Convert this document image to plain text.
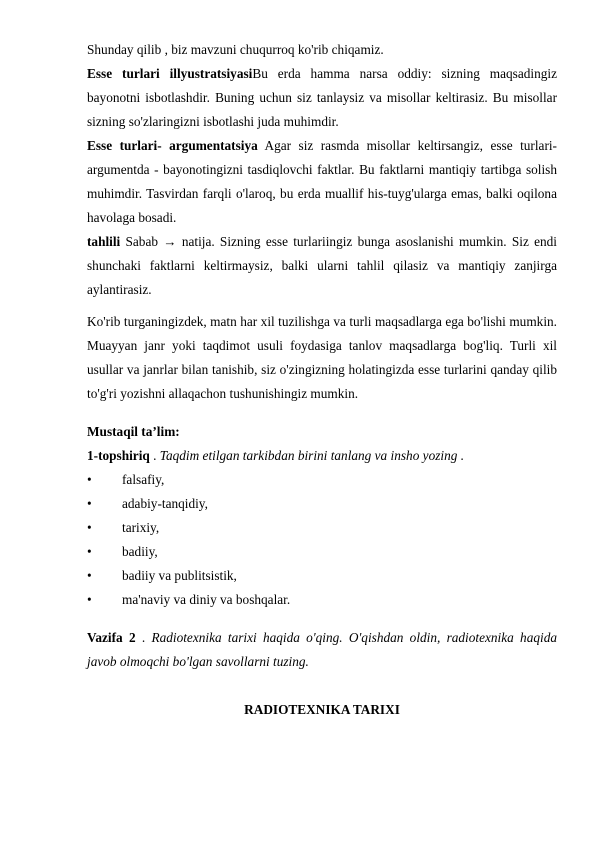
Shunday qilib , biz mavzuni chuqurroq ko'rib chiqamiz.

Esse turlari illyustratsiyasiBu erda hamma narsa oddiy: sizning maqsadingiz bayonotni isbotlashdir. Buning uchun siz tanlaysiz va misollar keltirasiz. Bu misollar sizning so'zlaringizni isbotlashi juda muhimdir.

Esse turlari- argumentatsiya Agar siz rasmda misollar keltirsangiz, esse turlari-argumentda - bayonotingizni tasdiqlovchi faktlar. Bu faktlarni mantiqiy tartibga solish muhimdir. Tasvirdan farqli o'laroq, bu erda muallif his-tuyg'ularga emas, balki oqilona havolaga bosadi.

tahlili Sabab → natija. Sizning esse turlariingiz bunga asoslanishi mumkin. Siz endi shunchaki faktlarni keltirmaysiz, balki ularni tahlil qilasiz va mantiqiy zanjirga aylantirasiz.

Ko'rib turganingizdek, matn har xil tuzilishga va turli maqsadlarga ega bo'lishi mumkin. Muayyan janr yoki taqdimot usuli foydasiga tanlov maqsadlarga bog'liq. Turli xil usullar va janrlar bilan tanishib, siz o'zingizning holatingizda esse turlarini qanday qilib to'g'ri yozishni allaqachon tushunishingiz mumkin.

Mustaqil ta’lim:

1-topshiriq . Taqdim etilgan tarkibdan birini tanlang va insho yozing .

• falsafiy,
• adabiy-tanqidiy,
• tarixiy,
• badiiy,
• badiiy va publitsistik,
• ma'naviy va diniy va boshqalar.

Vazifa 2 . Radiotexnika tarixi haqida o'qing. O'qishdan oldin, radiotexnika haqida javob olmoqchi bo'lgan savollarni tuzing.

RADIOTEXNIKA TARIXI
